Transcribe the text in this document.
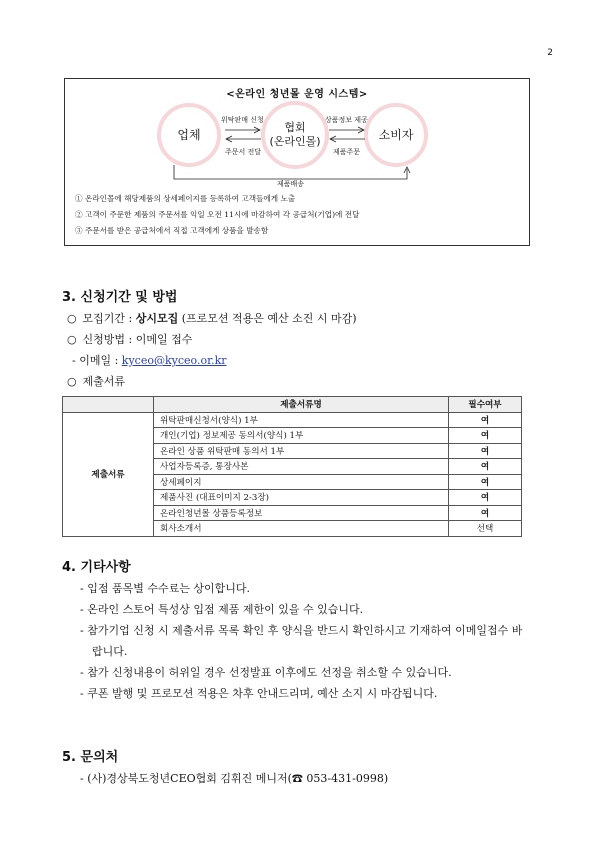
2
<온라인 청년몰 운영 시스템>
업체
협회
(온라인몰)	소비자
위탁판매 신청
주문서 전달
상품정보 제공
제품주문
제품배송
① 온라인몰에 해당제품의 상세페이지를 등록하여 고객들에게 노출
② 고객이 주문한 제품의 주문서를 익일 오전 11시에 마감하여 각 공급처(기업)에 전달
③ 주문서를 받은 공급처에서 직접 고객에게 상품을 발송함
3. 신청기간 및 방법
○ 모집기간 : 상시모집 (프로모션 적용은 예산 소진 시 마감)
○ 신청방법 : 이메일 접수
- 이메일 : kyceo@kyceo.or.kr
○ 제출서류
	제출서류명	필수여부
제출서류	위탁판매신청서(양식) 1부	여
	개인(기업) 정보제공 동의서(양식) 1부	여
	온라인 상품 위탁판매 동의서 1부	여
	사업자등록증, 통장사본	여
	상세페이지	여
	제품사진 (대표이미지 2-3장)	여
	온라인청년몰 상품등록정보	여
	회사소개서	선택
4. 기타사항
- 입점 품목별 수수료는 상이합니다.
- 온라인 스토어 특성상 입점 제품 제한이 있을 수 있습니다.
- 참가기업 신청 시 제출서류 목록 확인 후 양식을 반드시 확인하시고 기재하여 이메일접수 바랍니다.
- 참가 신청내용이 허위일 경우 선정발표 이후에도 선정을 취소할 수 있습니다.
- 쿠폰 발행 및 프로모션 적용은 차후 안내드리며, 예산 소지 시 마감됩니다.
5. 문의처
- (사)경상북도청년CEO협회 김휘진 메니저(☎ 053-431-0998)
